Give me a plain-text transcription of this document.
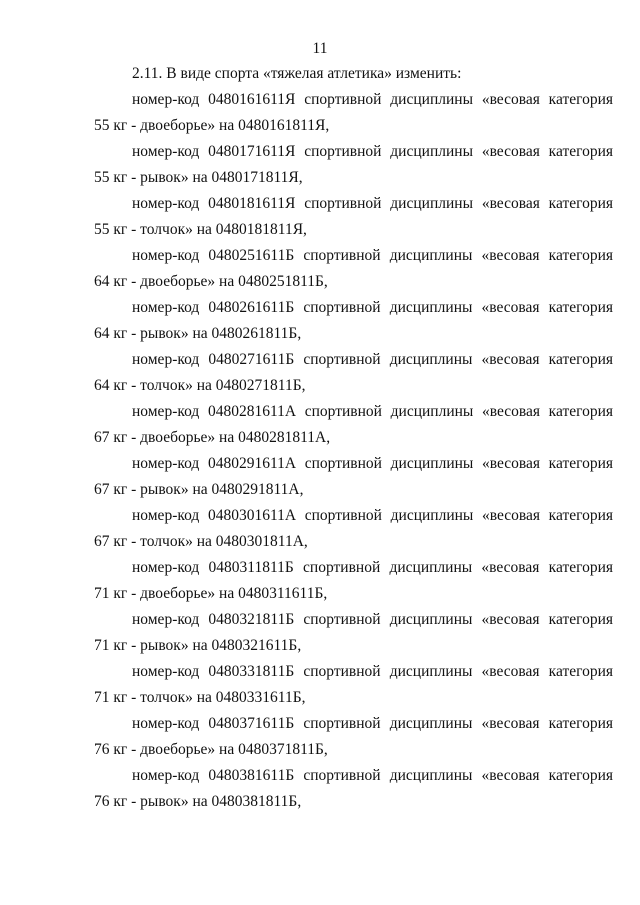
11
2.11. В виде спорта «тяжелая атлетика» изменить:
номер-код 0480161611Я спортивной дисциплины «весовая категория
55 кг - двоеборье» на 0480161811Я,
номер-код 0480171611Я спортивной дисциплины «весовая категория
55 кг - рывок» на 0480171811Я,
номер-код 0480181611Я спортивной дисциплины «весовая категория
55 кг - толчок» на 0480181811Я,
номер-код 0480251611Б спортивной дисциплины «весовая категория
64 кг - двоеборье» на 0480251811Б,
номер-код 0480261611Б спортивной дисциплины «весовая категория
64 кг - рывок» на 0480261811Б,
номер-код 0480271611Б спортивной дисциплины «весовая категория
64 кг - толчок» на 0480271811Б,
номер-код 0480281611А спортивной дисциплины «весовая категория
67 кг - двоеборье» на 0480281811А,
номер-код 0480291611А спортивной дисциплины «весовая категория
67 кг - рывок» на 0480291811А,
номер-код 0480301611А спортивной дисциплины «весовая категория
67 кг - толчок» на 0480301811А,
номер-код 0480311811Б спортивной дисциплины «весовая категория
71 кг - двоеборье» на 0480311611Б,
номер-код 0480321811Б спортивной дисциплины «весовая категория
71 кг - рывок» на 0480321611Б,
номер-код 0480331811Б спортивной дисциплины «весовая категория
71 кг - толчок» на 0480331611Б,
номер-код 0480371611Б спортивной дисциплины «весовая категория
76 кг - двоеборье» на 0480371811Б,
номер-код 0480381611Б спортивной дисциплины «весовая категория
76 кг - рывок» на 0480381811Б,
